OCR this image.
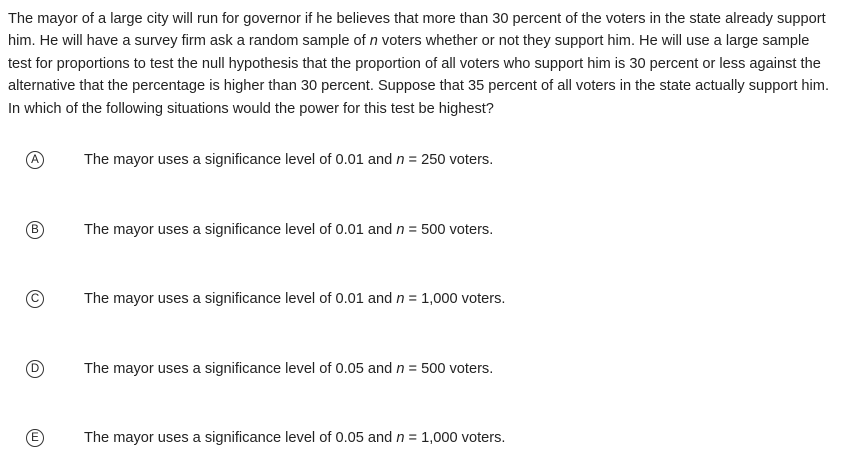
The mayor of a large city will run for governor if he believes that more than 30 percent of the voters in the state already support him. He will have a survey firm ask a random sample of n voters whether or not they support him. He will use a large sample test for proportions to test the null hypothesis that the proportion of all voters who support him is 30 percent or less against the alternative that the percentage is higher than 30 percent. Suppose that 35 percent of all voters in the state actually support him. In which of the following situations would the power for this test be highest?
A	The mayor uses a significance level of 0.01 and n = 250 voters.
B	The mayor uses a significance level of 0.01 and n = 500 voters.
C	The mayor uses a significance level of 0.01 and n = 1,000 voters.
D	The mayor uses a significance level of 0.05 and n = 500 voters.
E	The mayor uses a significance level of 0.05 and n = 1,000 voters.
